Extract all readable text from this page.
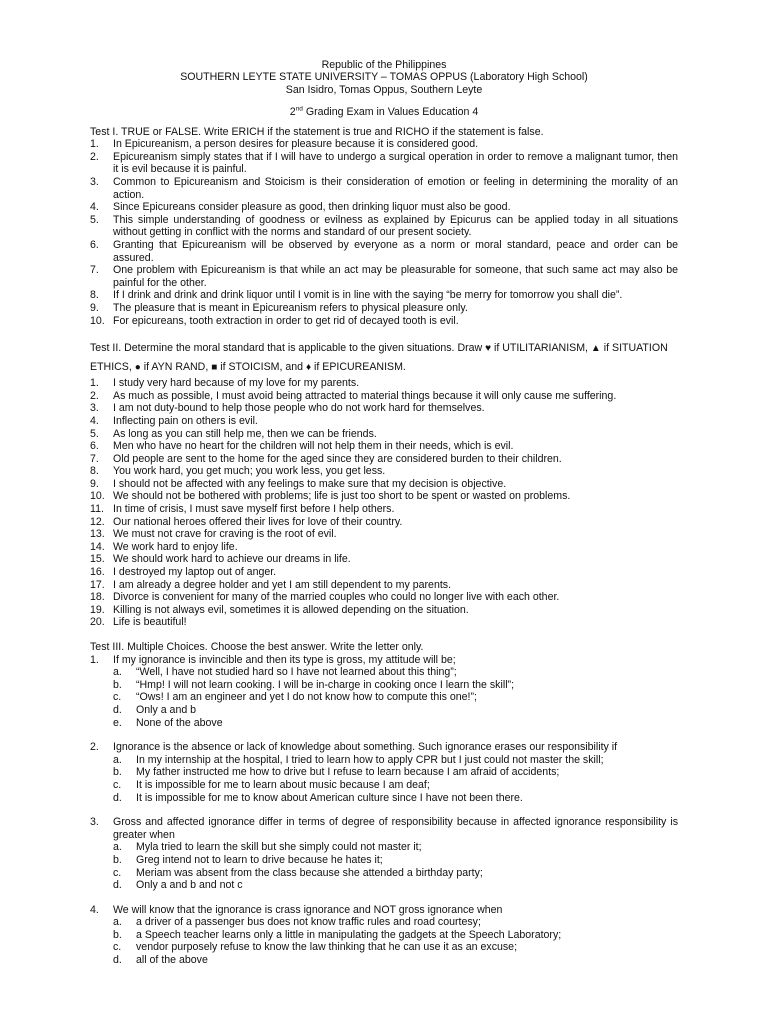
Republic of the Philippines
SOUTHERN LEYTE STATE UNIVERSITY – TOMAS OPPUS (Laboratory High School)
San Isidro, Tomas Oppus, Southern Leyte
2nd Grading Exam in Values Education 4

Test I. TRUE or FALSE. Write ERICH if the statement is true and RICHO if the statement is false.

1.	In Epicureanism, a person desires for pleasure because it is considered good.
2.	Epicureanism simply states that if I will have to undergo a surgical operation in order to remove a malignant tumor, then it is evil because it is painful.
3.	Common to Epicureanism and Stoicism is their consideration of emotion or feeling in determining the morality of an action.
4.	Since Epicureans consider pleasure as good, then drinking liquor must also be good.
5.	This simple understanding of goodness or evilness as explained by Epicurus can be applied today in all situations without getting in conflict with the norms and standard of our present society.
6.	Granting that Epicureanism will be observed by everyone as a norm or moral standard, peace and order can be assured.
7.	One problem with Epicureanism is that while an act may be pleasurable for someone, that such same act may also be painful for the other.
8.	If I drink and drink and drink liquor until I vomit is in line with the saying “be merry for tomorrow you shall die”.
9.	The pleasure that is meant in Epicureanism refers to physical pleasure only.
10. For epicureans, tooth extraction in order to get rid of decayed tooth is evil.

Test II. Determine the moral standard that is applicable to the given situations. Draw ♥ if UTILITARIANISM, ▲ if SITUATION ETHICS, ● if AYN RAND, ■ if STOICISM, and ♦ if EPICUREANISM.

1.	I study very hard because of my love for my parents.
2.	As much as possible, I must avoid being attracted to material things because it will only cause me suffering.
3.	I am not duty-bound to help those people who do not work hard for themselves.
4.	Inflecting pain on others is evil.
5.	As long as you can still help me, then we can be friends.
6.	Men who have no heart for the children will not help them in their needs, which is evil.
7.	Old people are sent to the home for the aged since they are considered burden to their children.
8.	You work hard, you get much; you work less, you get less.
9.	I should not be affected with any feelings to make sure that my decision is objective.
10. We should not be bothered with problems; life is just too short to be spent or wasted on problems.
11. In time of crisis, I must save myself first before I help others.
12. Our national heroes offered their lives for love of their country.
13. We must not crave for craving is the root of evil.
14. We work hard to enjoy life.
15. We should work hard to achieve our dreams in life.
16. I destroyed my laptop out of anger.
17. I am already a degree holder and yet I am still dependent to my parents.
18. Divorce is convenient for many of the married couples who could no longer live with each other.
19. Killing is not always evil, sometimes it is allowed depending on the situation.
20. Life is beautiful!

Test III. Multiple Choices. Choose the best answer. Write the letter only.

1.	If my ignorance is invincible and then its type is gross, my attitude will be;
a.	“Well, I have not studied hard so I have not learned about this thing”;
b.	“Hmp! I will not learn cooking. I will be in-charge in cooking once I learn the skill”;
c.	“Ows! I am an engineer and yet I do not know how to compute this one!”;
d.	Only a and b
e.	None of the above
2.	Ignorance is the absence or lack of knowledge about something. Such ignorance erases our responsibility if
a.	In my internship at the hospital, I tried to learn how to apply CPR but I just could not master the skill;
b.	My father instructed me how to drive but I refuse to learn because I am afraid of accidents;
c.	It is impossible for me to learn about music because I am deaf;
d.	It is impossible for me to know about American culture since I have not been there.
3.	Gross and affected ignorance differ in terms of degree of responsibility because in affected ignorance responsibility is greater when
a.	Myla tried to learn the skill but she simply could not master it;
b.	Greg intend not to learn to drive because he hates it;
c.	Meriam was absent from the class because she attended a birthday party;
d.	Only a and b and not c
4.	We will know that the ignorance is crass ignorance and NOT gross ignorance when
a.	a driver of a passenger bus does not know traffic rules and road courtesy;
b.	a Speech teacher learns only a little in manipulating the gadgets at the Speech Laboratory;
c.	vendor purposely refuse to know the law thinking that he can use it as an excuse;
d.	all of the above
